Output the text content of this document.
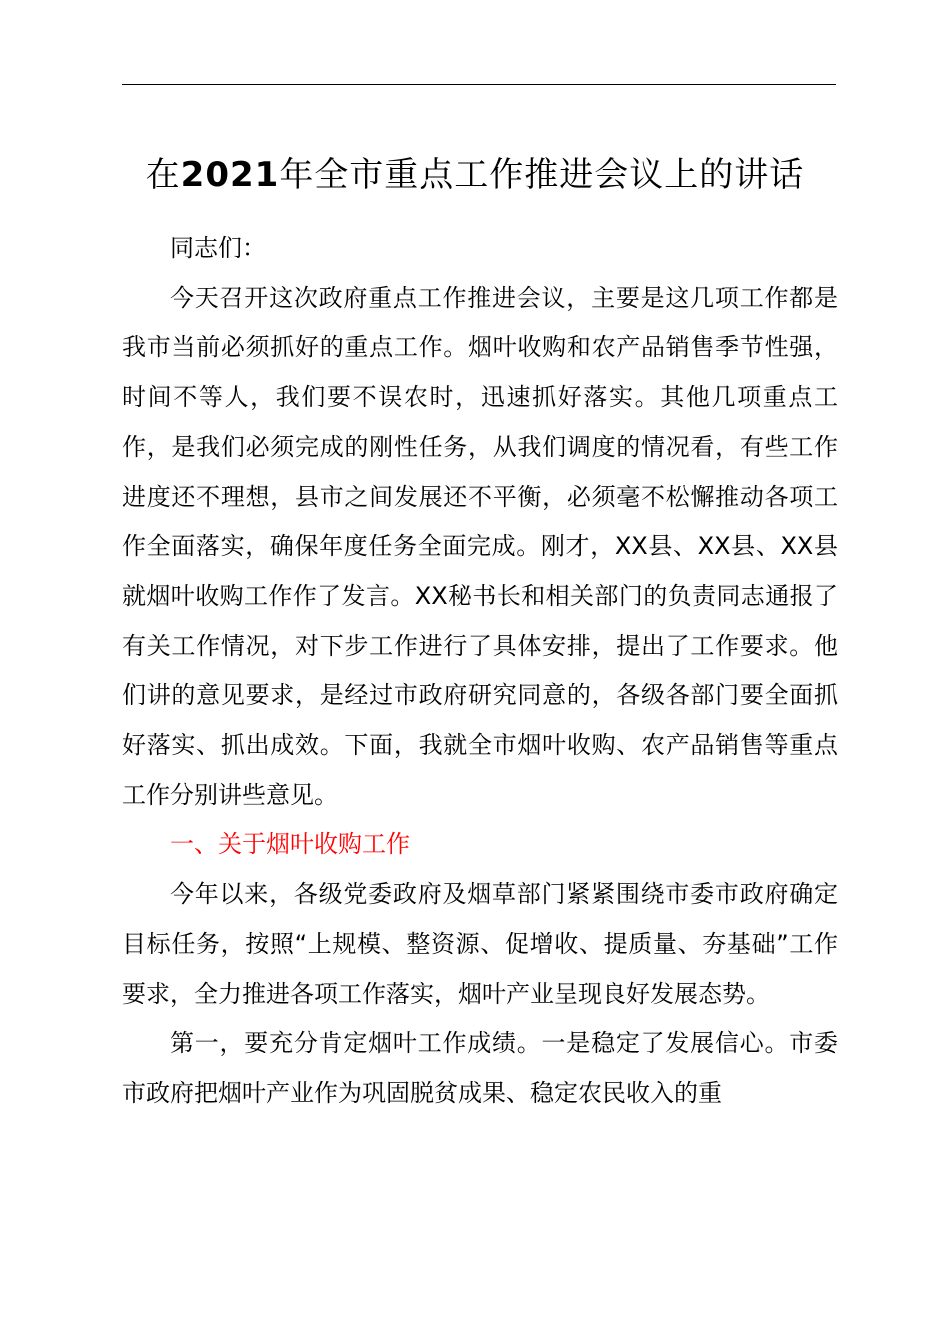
在2021年全市重点工作推进会议上的讲话

同志们：

今天召开这次政府重点工作推进会议，主要是这几项工作都是我市当前必须抓好的重点工作。烟叶收购和农产品销售季节性强，时间不等人，我们要不误农时，迅速抓好落实。其他几项重点工作，是我们必须完成的刚性任务，从我们调度的情况看，有些工作进度还不理想，县市之间发展还不平衡，必须毫不松懈推动各项工作全面落实，确保年度任务全面完成。刚才，XX县、XX县、XX县就烟叶收购工作作了发言。XX秘书长和相关部门的负责同志通报了有关工作情况，对下步工作进行了具体安排，提出了工作要求。他们讲的意见要求，是经过市政府研究同意的，各级各部门要全面抓好落实、抓出成效。下面，我就全市烟叶收购、农产品销售等重点工作分别讲些意见。

一、关于烟叶收购工作

今年以来，各级党委政府及烟草部门紧紧围绕市委市政府确定目标任务，按照“上规模、整资源、促增收、提质量、夯基础”工作要求，全力推进各项工作落实，烟叶产业呈现良好发展态势。

第一，要充分肯定烟叶工作成绩。一是稳定了发展信心。市委市政府把烟叶产业作为巩固脱贫成果、稳定农民收入的重
